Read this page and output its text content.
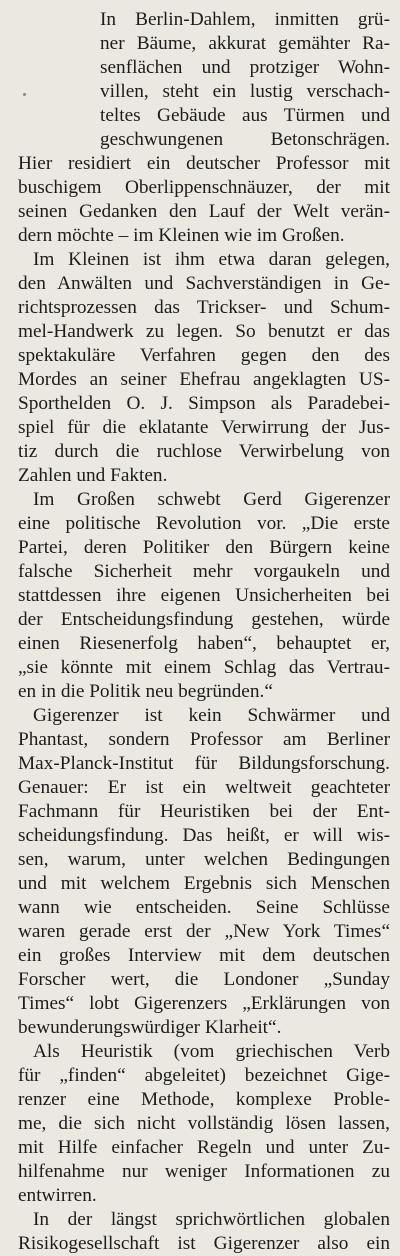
In Berlin-Dahlem, inmitten grü-
ner Bäume, akkurat gemähter Ra-
senflächen und protziger Wohn-
villen, steht ein lustig verschach-
teltes Gebäude aus Türmen und
geschwungenen Betonschrägen.
Hier residiert ein deutscher Professor mit
buschigem Oberlippenschnäuzer, der mit
seinen Gedanken den Lauf der Welt verän-
dern möchte – im Kleinen wie im Großen.
Im Kleinen ist ihm etwa daran gelegen,
den Anwälten und Sachverständigen in Ge-
richtsprozessen das Trickser- und Schum-
mel-Handwerk zu legen. So benutzt er das
spektakuläre Verfahren gegen den des
Mordes an seiner Ehefrau angeklagten US-
Sporthelden O. J. Simpson als Paradebei-
spiel für die eklatante Verwirrung der Jus-
tiz durch die ruchlose Verwirbelung von
Zahlen und Fakten.
Im Großen schwebt Gerd Gigerenzer
eine politische Revolution vor. „Die erste
Partei, deren Politiker den Bürgern keine
falsche Sicherheit mehr vorgaukeln und
stattdessen ihre eigenen Unsicherheiten bei
der Entscheidungsfindung gestehen, würde
einen Riesenerfolg haben“, behauptet er,
„sie könnte mit einem Schlag das Vertrau-
en in die Politik neu begründen.“
Gigerenzer ist kein Schwärmer und
Phantast, sondern Professor am Berliner
Max-Planck-Institut für Bildungsforschung.
Genauer: Er ist ein weltweit geachteter
Fachmann für Heuristiken bei der Ent-
scheidungsfindung. Das heißt, er will wis-
sen, warum, unter welchen Bedingungen
und mit welchem Ergebnis sich Menschen
wann wie entscheiden. Seine Schlüsse
waren gerade erst der „New York Times“
ein großes Interview mit dem deutschen
Forscher wert, die Londoner „Sunday
Times“ lobt Gigerenzers „Erklärungen von
bewunderungswürdiger Klarheit“.
Als Heuristik (vom griechischen Verb
für „finden“ abgeleitet) bezeichnet Gige-
renzer eine Methode, komplexe Proble-
me, die sich nicht vollständig lösen lassen,
mit Hilfe einfacher Regeln und unter Zu-
hilfenahme nur weniger Informationen zu
entwirren.
In der längst sprichwörtlichen globalen
Risikogesellschaft ist Gigerenzer also ein
